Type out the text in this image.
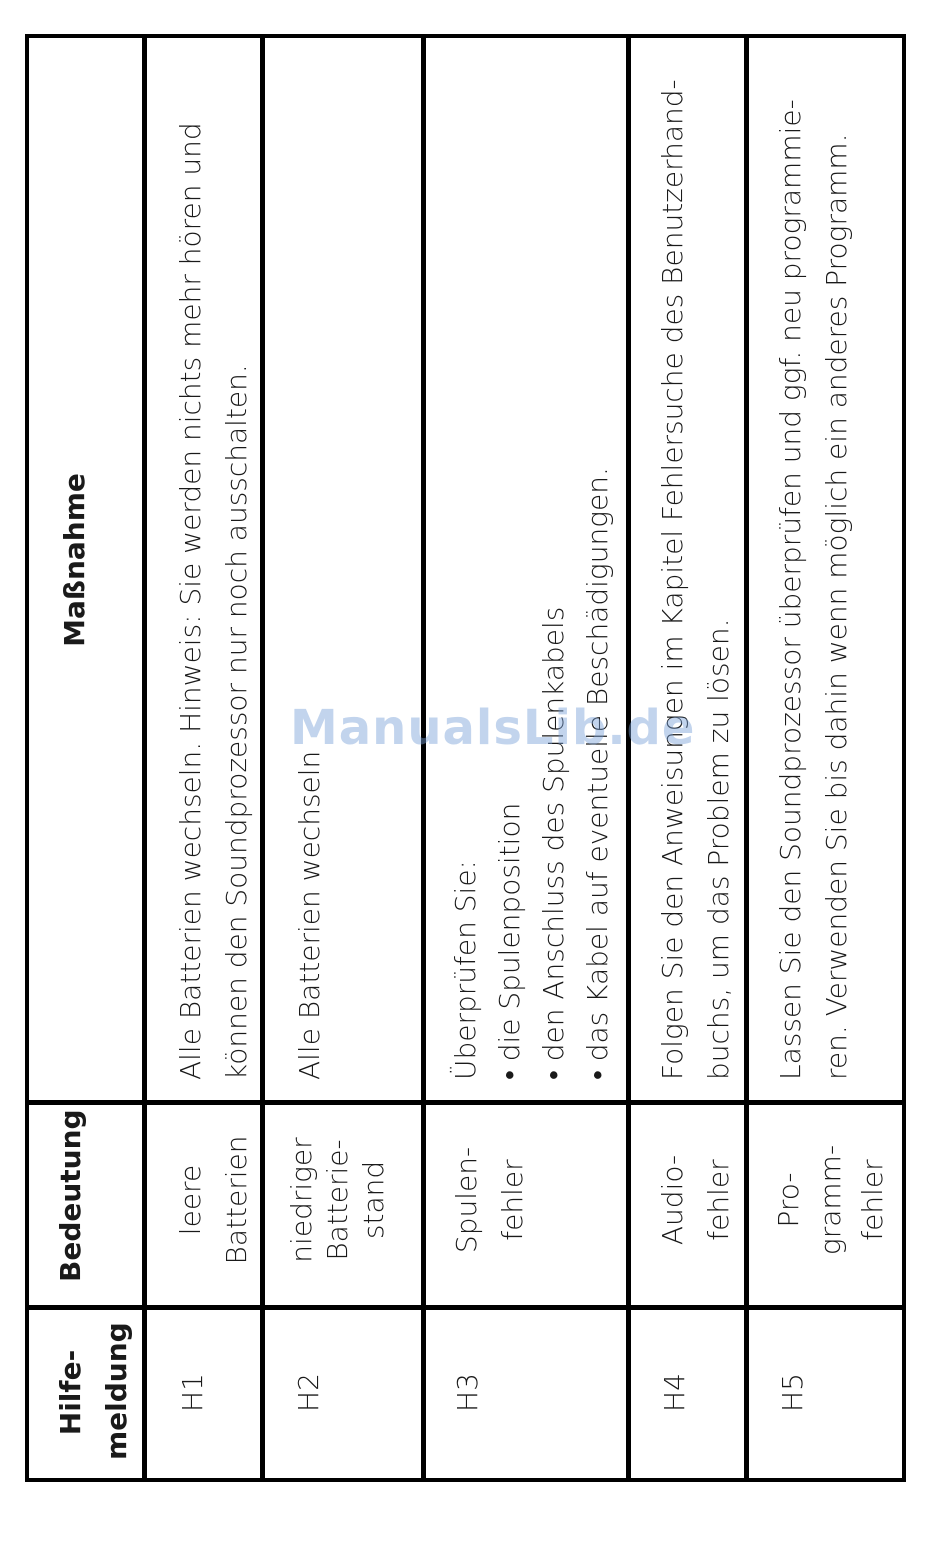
Hilfe- meldung
Bedeutung
Maßnahme
H1
leere Batterien
Alle Batterien wechseln. Hinweis: Sie werden nichts mehr hören und können den Soundprozessor nur noch ausschalten.
H2
niedriger Batterie- stand
Alle Batterien wechseln
H3
Spulen- fehler
Überprüfen Sie: • die Spulenposition • den Anschluss des Spulenkabels • das Kabel auf eventuelle Beschädigungen.
H4
Audio- fehler
Folgen Sie den Anweisungen im Kapitel Fehlersuche des Benutzerhand- buchs, um das Problem zu lösen.
H5
Pro- gramm- fehler
Lassen Sie den Soundprozessor überprüfen und ggf. neu programmie- ren. Verwenden Sie bis dahin wenn möglich ein anderes Programm.
ManualsLib.de
